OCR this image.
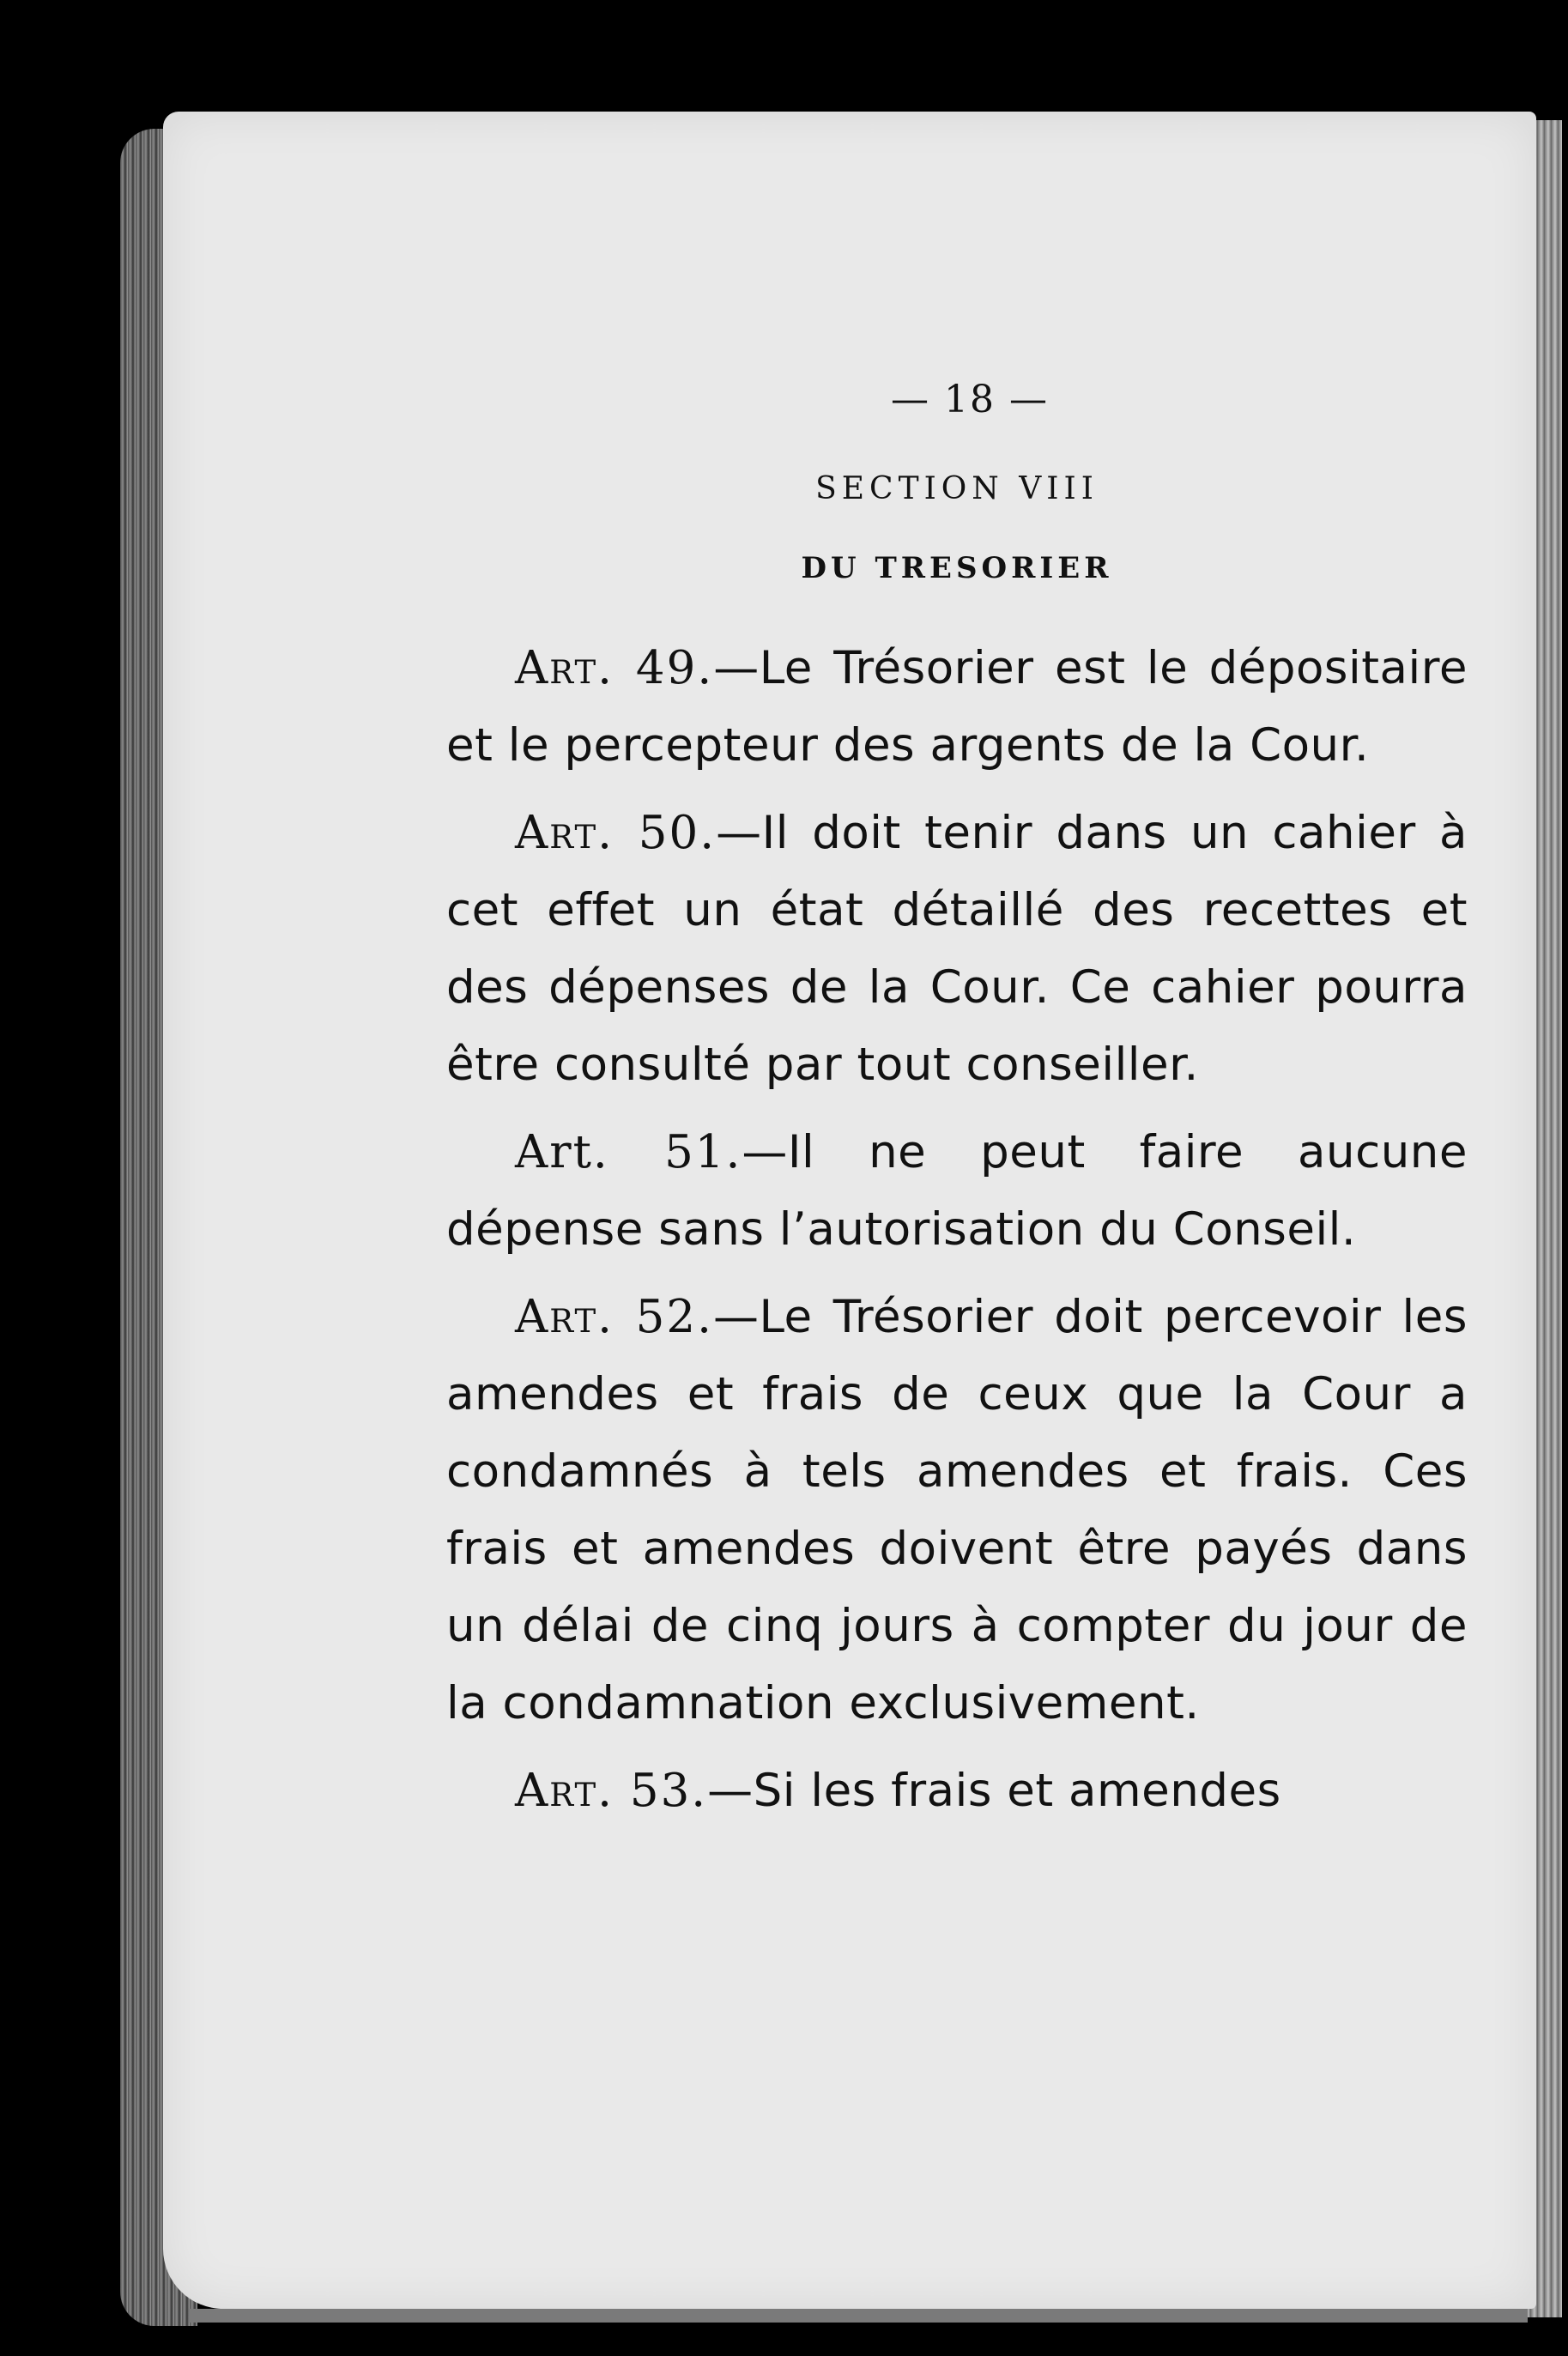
— 18 —
SECTION VIII
DU TRESORIER

Art. 49.—Le Trésorier est le dépositaire et le percepteur des argents de la Cour.

Art. 50.—Il doit tenir dans un cahier à cet effet un état détaillé des recettes et des dépenses de la Cour. Ce cahier pourra être consulté par tout conseiller.

Art. 51.—Il ne peut faire aucune dépense sans l’autorisation du Conseil.

Art. 52.—Le Trésorier doit percevoir les amendes et frais de ceux que la Cour a condamnés à tels amendes et frais. Ces frais et amendes doivent être payés dans un délai de cinq jours à compter du jour de la condamnation exclusivement.

Art. 53.—Si les frais et amendes
